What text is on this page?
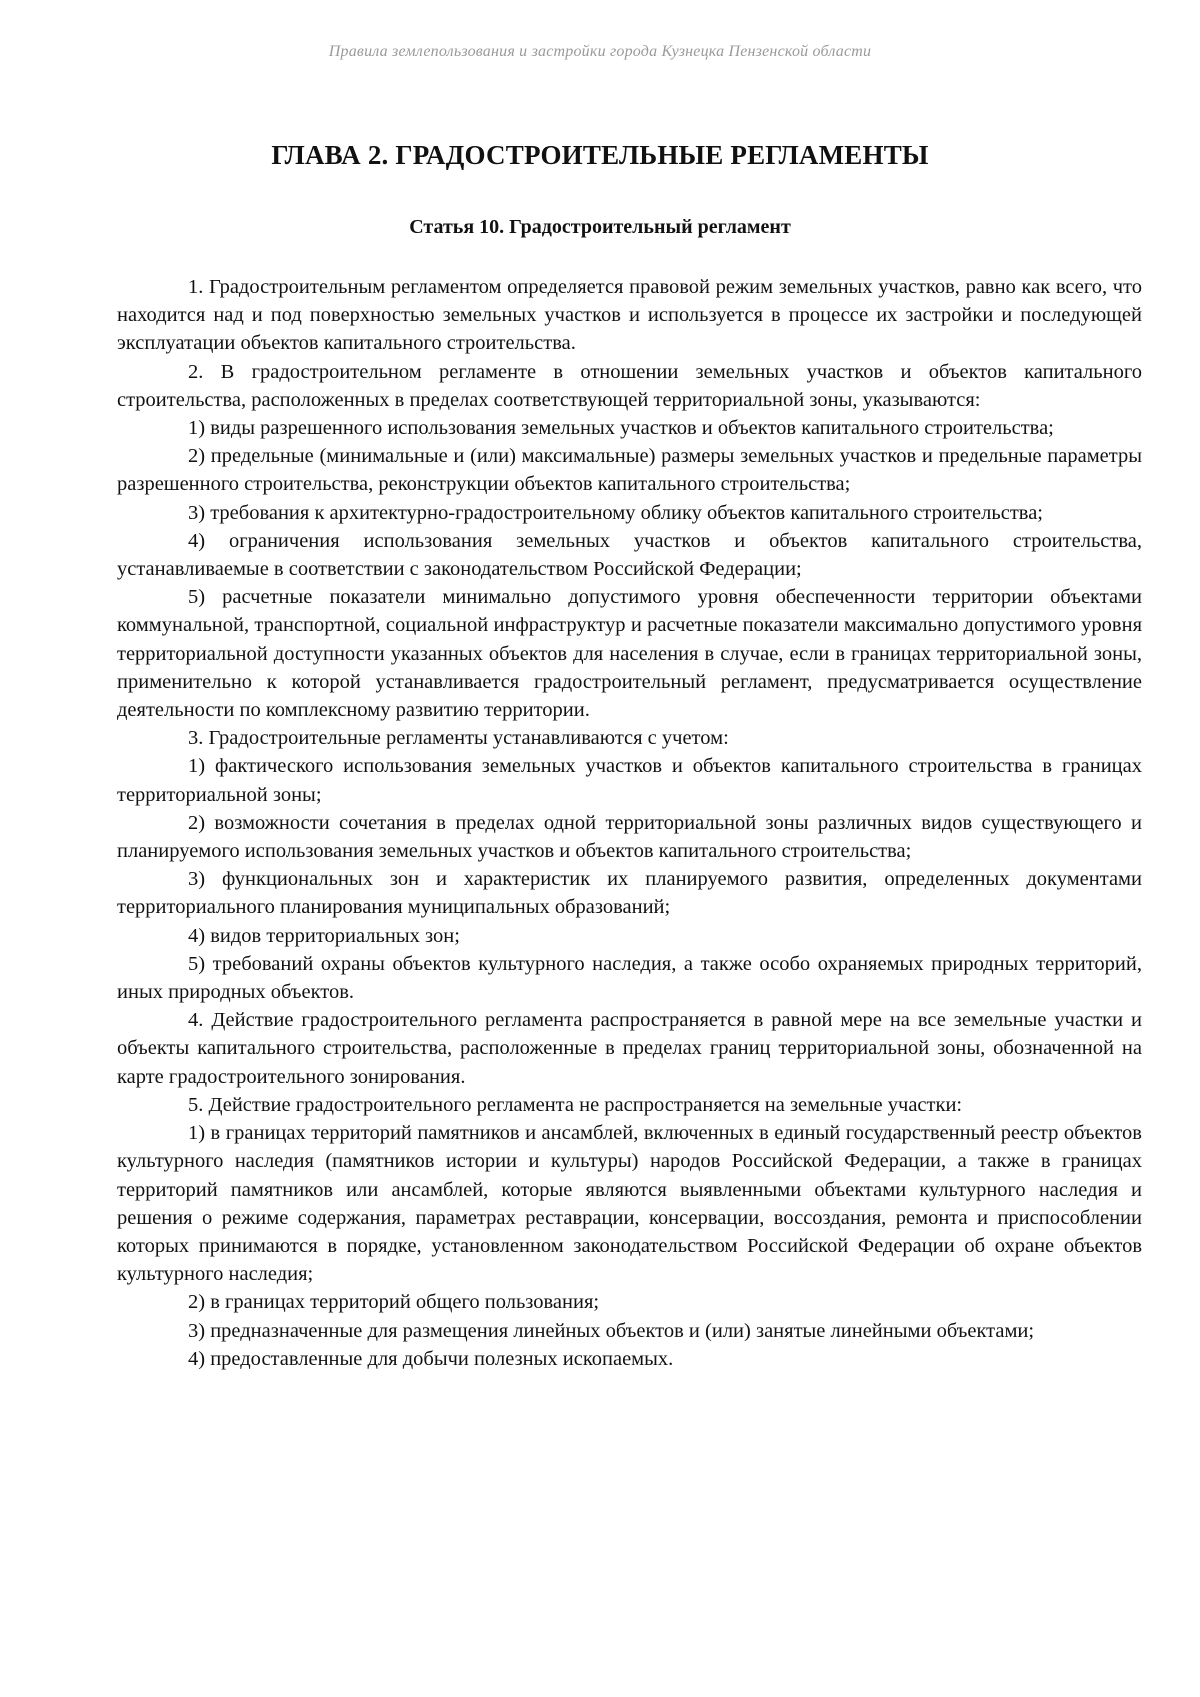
Правила землепользования и застройки города Кузнецка Пензенской области
ГЛАВА 2. ГРАДОСТРОИТЕЛЬНЫЕ РЕГЛАМЕНТЫ
Статья 10. Градостроительный регламент

1. Градостроительным регламентом определяется правовой режим земельных участков, равно как всего, что находится над и под поверхностью земельных участков и используется в процессе их застройки и последующей эксплуатации объектов капитального строительства.

2. В градостроительном регламенте в отношении земельных участков и объектов капитального строительства, расположенных в пределах соответствующей территориальной зоны, указываются:

1) виды разрешенного использования земельных участков и объектов капитального строительства;

2) предельные (минимальные и (или) максимальные) размеры земельных участков и предельные параметры разрешенного строительства, реконструкции объектов капитального строительства;

3) требования к архитектурно-градостроительному облику объектов капитального строительства;

4) ограничения использования земельных участков и объектов капитального строительства, устанавливаемые в соответствии с законодательством Российской Федерации;

5) расчетные показатели минимально допустимого уровня обеспеченности территории объектами коммунальной, транспортной, социальной инфраструктур и расчетные показатели максимально допустимого уровня территориальной доступности указанных объектов для населения в случае, если в границах территориальной зоны, применительно к которой устанавливается градостроительный регламент, предусматривается осуществление деятельности по комплексному развитию территории.

3. Градостроительные регламенты устанавливаются с учетом:

1) фактического использования земельных участков и объектов капитального строительства в границах территориальной зоны;

2) возможности сочетания в пределах одной территориальной зоны различных видов существующего и планируемого использования земельных участков и объектов капитального строительства;

3) функциональных зон и характеристик их планируемого развития, определенных документами территориального планирования муниципальных образований;

4) видов территориальных зон;

5) требований охраны объектов культурного наследия, а также особо охраняемых природных территорий, иных природных объектов.

4. Действие градостроительного регламента распространяется в равной мере на все земельные участки и объекты капитального строительства, расположенные в пределах границ территориальной зоны, обозначенной на карте градостроительного зонирования.

5. Действие градостроительного регламента не распространяется на земельные участки:

1) в границах территорий памятников и ансамблей, включенных в единый государственный реестр объектов культурного наследия (памятников истории и культуры) народов Российской Федерации, а также в границах территорий памятников или ансамблей, которые являются выявленными объектами культурного наследия и решения о режиме содержания, параметрах реставрации, консервации, воссоздания, ремонта и приспособлении которых принимаются в порядке, установленном законодательством Российской Федерации об охране объектов культурного наследия;

2) в границах территорий общего пользования;

3) предназначенные для размещения линейных объектов и (или) занятые линейными объектами;

4) предоставленные для добычи полезных ископаемых.
